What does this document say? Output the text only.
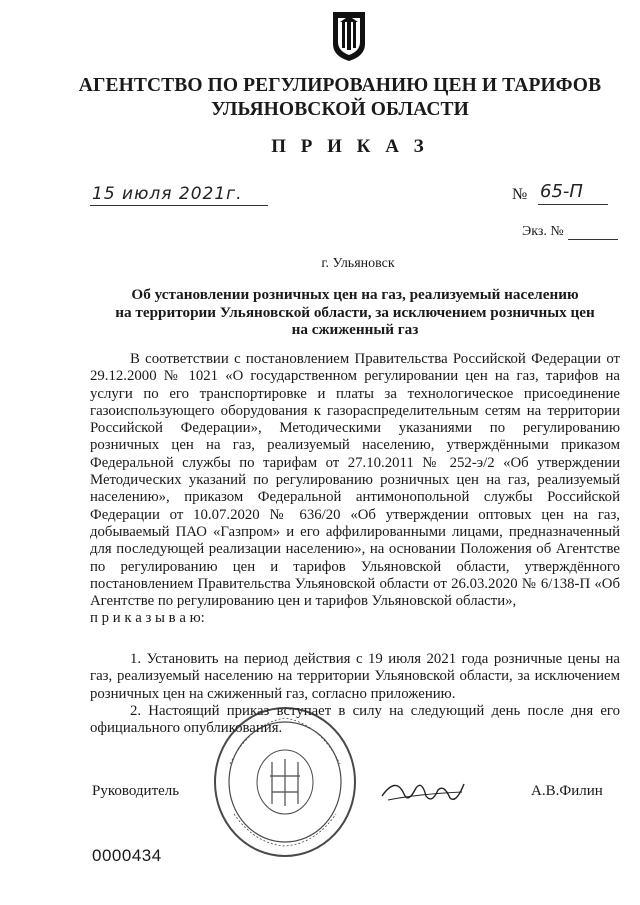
АГЕНТСТВО ПО РЕГУЛИРОВАНИЮ ЦЕН И ТАРИФОВ
УЛЬЯНОВСКОЙ ОБЛАСТИ
П Р И К А З
15 июля 2021г.	№ 65-П
Экз. №
г. Ульяновск
Об установлении розничных цен на газ, реализуемый населению
на территории Ульяновской области, за исключением розничных цен
на сжиженный газ

В соответствии с постановлением Правительства Российской Федерации от 29.12.2000 № 1021 «О государственном регулировании цен на газ, тарифов на услуги по его транспортировке и платы за технологическое присоединение газоиспользующего оборудования к газораспределительным сетям на территории Российской Федерации», Методическими указаниями по регулированию розничных цен на газ, реализуемый населению, утверждёнными приказом Федеральной службы по тарифам от 27.10.2011 № 252-э/2 «Об утверждении Методических указаний по регулированию розничных цен на газ, реализуемый населению», приказом Федеральной антимонопольной службы Российской Федерации от 10.07.2020 № 636/20 «Об утверждении оптовых цен на газ, добываемый ПАО «Газпром» и его аффилированными лицами, предназначенный для последующей реализации населению», на основании Положения об Агентстве по регулированию цен и тарифов Ульяновской области, утверждённого постановлением Правительства Ульяновской области от 26.03.2020 № 6/138-П «Об Агентстве по регулированию цен и тарифов Ульяновской области»,

п р и к а з ы в а ю:
1. Установить на период действия с 19 июля 2021 года розничные цены на газ, реализуемый населению на территории Ульяновской области, за исключением розничных цен на сжиженный газ, согласно приложению.
2. Настоящий приказ вступает в силу на следующий день после дня его официального опубликования.
Руководитель	А.В.Филин
0000434
